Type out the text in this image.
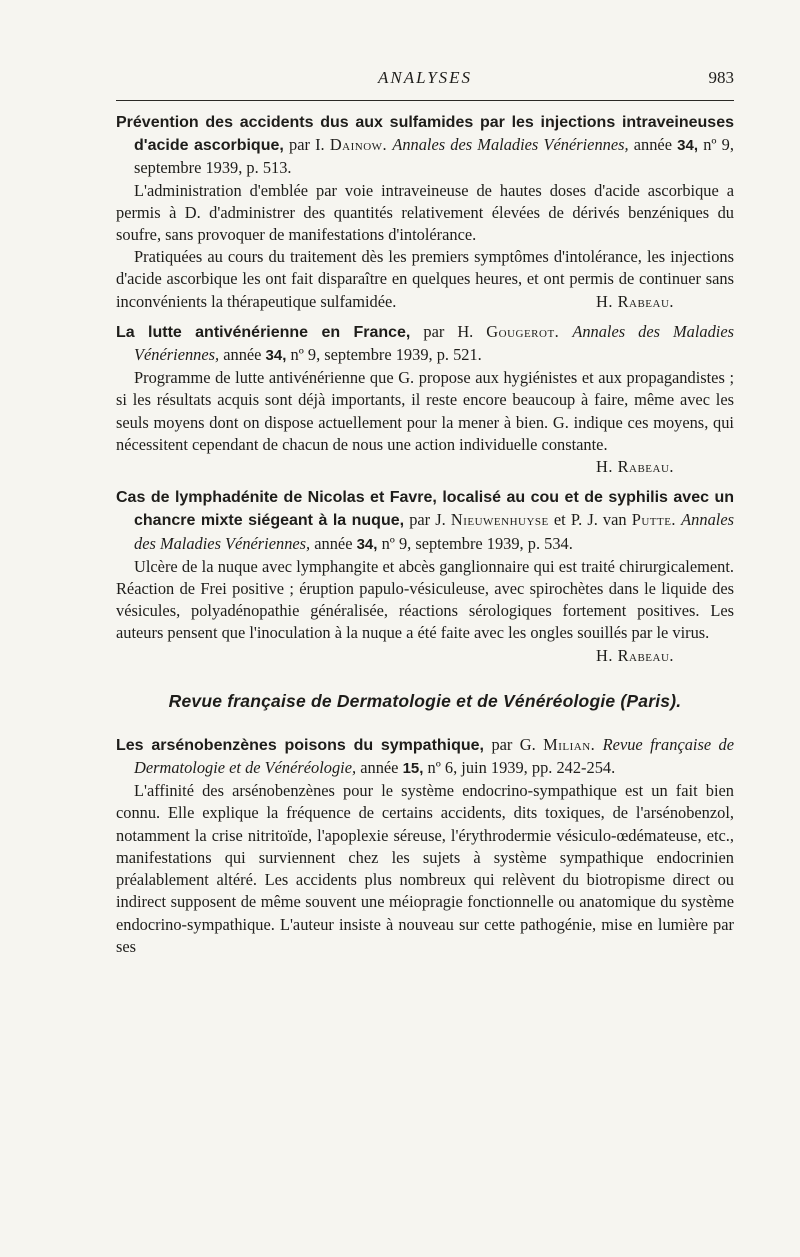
ANALYSES	983

Prévention des accidents dus aux sulfamides par les injections intraveineuses d'acide ascorbique, par I. Dainow. Annales des Maladies Vénériennes, année 34, nº 9, septembre 1939, p. 513.

L'administration d'emblée par voie intraveineuse de hautes doses d'acide ascorbique a permis à D. d'administrer des quantités relativement élevées de dérivés benzéniques du soufre, sans provoquer de manifestations d'intolérance.

Pratiquées au cours du traitement dès les premiers symptômes d'intolérance, les injections d'acide ascorbique les ont fait disparaître en quelques heures, et ont permis de continuer sans inconvénients la thérapeutique sulfamidée.	H. Rabeau.

La lutte antivénérienne en France, par H. Gougerot. Annales des Maladies Vénériennes, année 34, nº 9, septembre 1939, p. 521.

Programme de lutte antivénérienne que G. propose aux hygiénistes et aux propagandistes ; si les résultats acquis sont déjà importants, il reste encore beaucoup à faire, même avec les seuls moyens dont on dispose actuellement pour la mener à bien. G. indique ces moyens, qui nécessitent cependant de chacun de nous une action individuelle constante.
H. Rabeau.

Cas de lymphadénite de Nicolas et Favre, localisé au cou et de syphilis avec un chancre mixte siégeant à la nuque, par J. Nieuwenhuyse et P. J. van Putte. Annales des Maladies Vénériennes, année 34, nº 9, septembre 1939, p. 534.

Ulcère de la nuque avec lymphangite et abcès ganglionnaire qui est traité chirurgicalement. Réaction de Frei positive ; éruption papulo-vésiculeuse, avec spirochètes dans le liquide des vésicules, polyadénopathie généralisée, réactions sérologiques fortement positives. Les auteurs pensent que l'inoculation à la nuque a été faite avec les ongles souillés par le virus.
H. Rabeau.

Revue française de Dermatologie et de Vénéréologie (Paris).

Les arsénobenzènes poisons du sympathique, par G. Milian. Revue française de Dermatologie et de Vénéréologie, année 15, nº 6, juin 1939, pp. 242-254.

L'affinité des arsénobenzènes pour le système endocrino-sympathique est un fait bien connu. Elle explique la fréquence de certains accidents, dits toxiques, de l'arsénobenzol, notamment la crise nitritoïde, l'apoplexie séreuse, l'érythrodermie vésiculo-œdémateuse, etc., manifestations qui surviennent chez les sujets à système sympathique endocrinien préalablement altéré. Les accidents plus nombreux qui relèvent du biotropisme direct ou indirect supposent de même souvent une méiopragie fonctionnelle ou anatomique du système endocrino-sympathique. L'auteur insiste à nouveau sur cette pathogénie, mise en lumière par ses
